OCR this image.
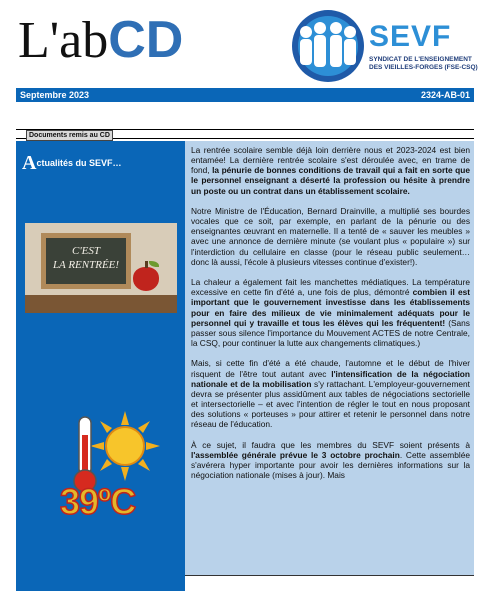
L'abCD	SEVF
SYNDICAT DE L'ENSEIGNEMENT
DES VIEILLES-FORGES (FSE-CSQ)
Septembre 2023	2324-AB-01
Documents remis au CD
Actualités du SEVF…
C'EST
LA RENTRÉE!
39ºC

La rentrée scolaire semble déjà loin derrière nous et 2023-2024 est bien entamée! La dernière rentrée scolaire s'est déroulée avec, en trame de fond, la pénurie de bonnes conditions de travail qui a fait en sorte que le personnel enseignant a déserté la profession ou hésite à prendre un poste ou un contrat dans un établissement scolaire.

Notre Ministre de l'Éducation, Bernard Drainville, a multiplié ses bourdes vocales que ce soit, par exemple, en parlant de la pénurie ou des enseignantes œuvrant en maternelle. Il a tenté de « sauver les meubles » avec une annonce de dernière minute (se voulant plus « populaire ») sur l'interdiction du cellulaire en classe (pour le réseau public seulement… donc là aussi, l'école à plusieurs vitesses continue d'exister!).

La chaleur a également fait les manchettes médiatiques. La température excessive en cette fin d'été a, une fois de plus, démontré combien il est important que le gouvernement investisse dans les établissements pour en faire des milieux de vie minimalement adéquats pour le personnel qui y travaille et tous les élèves qui les fréquentent! (Sans passer sous silence l'importance du Mouvement ACTES de notre Centrale, la CSQ, pour continuer la lutte aux changements climatiques.)

Mais, si cette fin d'été a été chaude, l'automne et le début de l'hiver risquent de l'être tout autant avec l'intensification de la négociation nationale et de la mobilisation s'y rattachant. L'employeur-gouvernement devra se présenter plus assidûment aux tables de négociations sectorielle et intersectorielle – et avec l'intention de régler le tout en nous proposant des solutions « porteuses » pour attirer et retenir le personnel dans notre réseau de l'éducation.

À ce sujet, il faudra que les membres du SEVF soient présents à l'assemblée générale prévue le 3 octobre prochain. Cette assemblée s'avérera hyper importante pour avoir les dernières informations sur la négociation nationale (mises à jour). Mais
